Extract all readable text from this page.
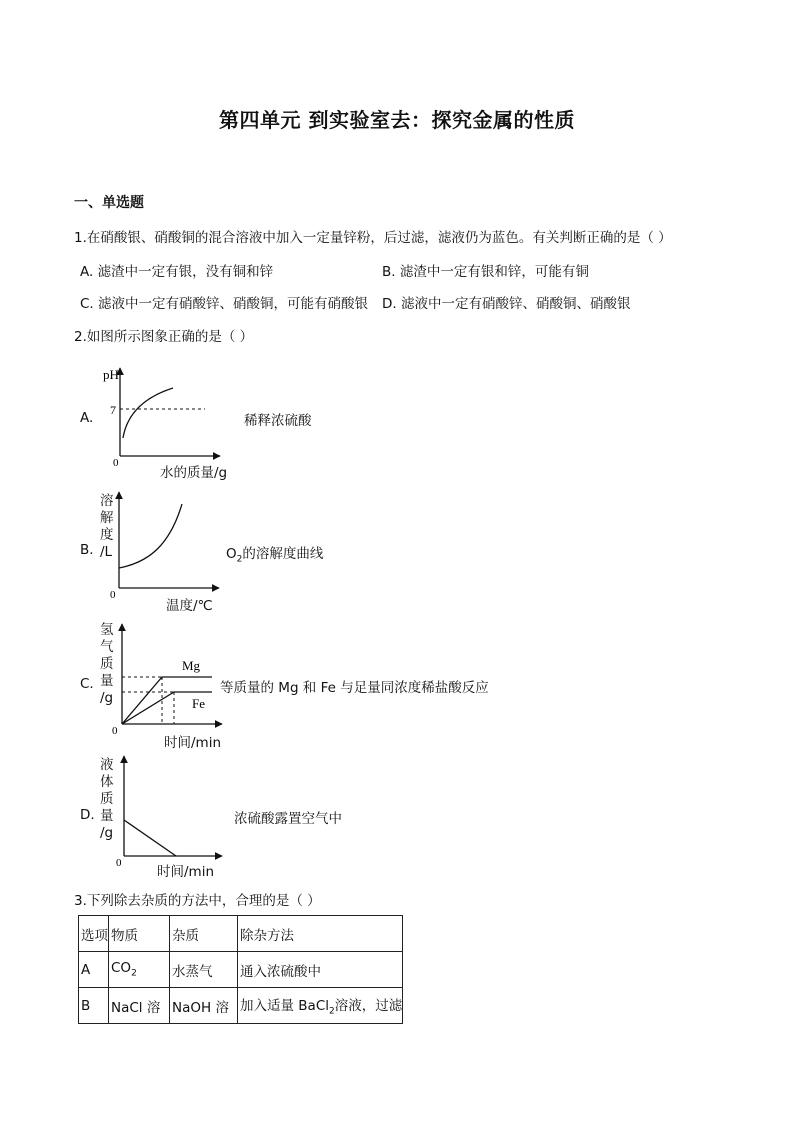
第四单元 到实验室去：探究金属的性质
一、单选题
1.在硝酸银、硝酸铜的混合溶液中加入一定量锌粉，后过滤，滤液仍为蓝色。有关判断正确的是（ ）
A. 滤渣中一定有银，没有铜和锌	B. 滤渣中一定有银和锌，可能有铜
C. 滤液中一定有硝酸锌、硝酸铜，可能有硝酸银 D. 滤液中一定有硝酸锌、硝酸铜、硝酸银
2.如图所示图象正确的是（ ）
A.
pH
7
0
水的质量/g
稀释浓硫酸
B.
溶
解
度
/L
0
温度/℃
$O_2$的溶解度曲线
C.
氢
气
质
量
/g
Mg
Fe
0
时间/min
等质量的 Mg 和 Fe 与足量同浓度稀盐酸反应
D.
液
体
质
量
/g
0
时间/min
浓硫酸露置空气中
3.下列除去杂质的方法中，合理的是（ ）
选项	物质	杂质	除杂方法
A	$CO_2$	水蒸气	通入浓硫酸中
B	NaCl 溶	NaOH 溶	加入适量 BaCl$_2$溶液，过滤
